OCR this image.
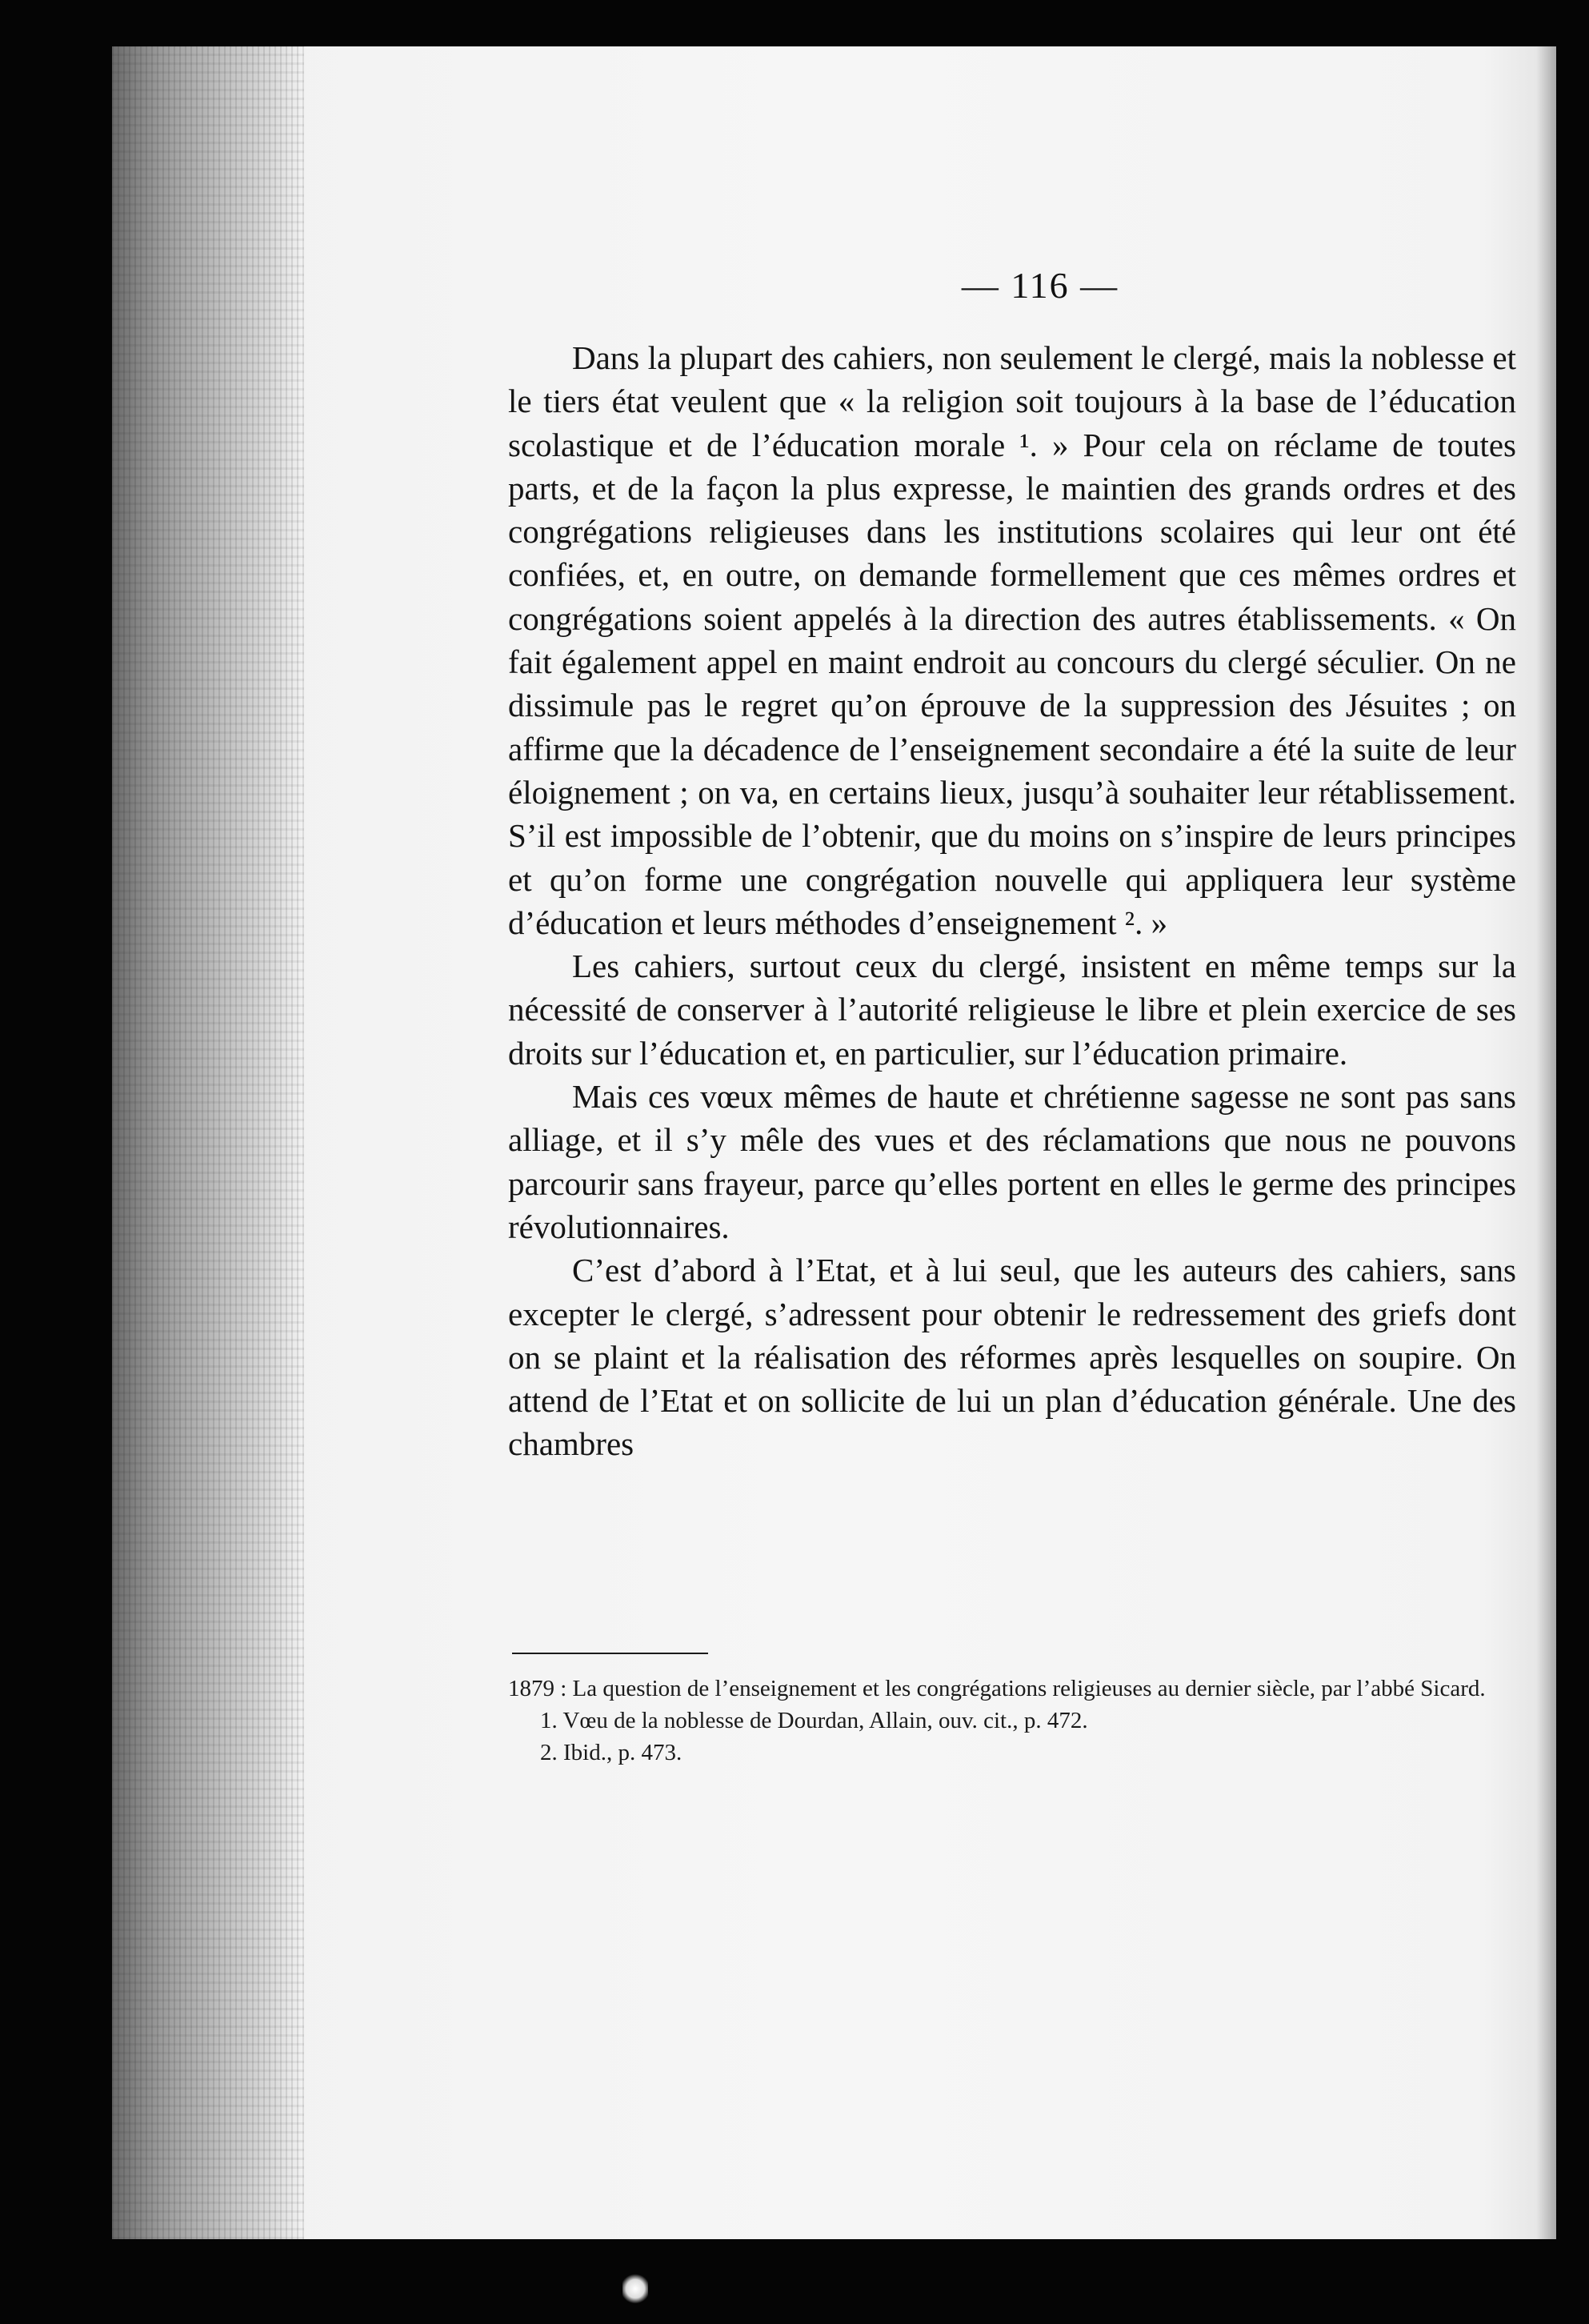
— 116 —

Dans la plupart des cahiers, non seulement le clergé, mais la noblesse et le tiers état veulent que « la religion soit toujours à la base de l’éducation scolastique et de l’éducation morale ¹. » Pour cela on réclame de toutes parts, et de la façon la plus expresse, le maintien des grands ordres et des congrégations religieuses dans les institutions scolaires qui leur ont été confiées, et, en outre, on demande formellement que ces mêmes ordres et congrégations soient appelés à la direction des autres établissements. « On fait également appel en maint endroit au concours du clergé séculier. On ne dissimule pas le regret qu’on éprouve de la suppression des Jésuites ; on affirme que la décadence de l’enseignement secondaire a été la suite de leur éloignement ; on va, en certains lieux, jusqu’à souhaiter leur rétablissement. S’il est impossible de l’obtenir, que du moins on s’inspire de leurs principes et qu’on forme une congrégation nouvelle qui appliquera leur système d’éducation et leurs méthodes d’enseignement ². »

Les cahiers, surtout ceux du clergé, insistent en même temps sur la nécessité de conserver à l’autorité religieuse le libre et plein exercice de ses droits sur l’éducation et, en particulier, sur l’éducation primaire.

Mais ces vœux mêmes de haute et chrétienne sagesse ne sont pas sans alliage, et il s’y mêle des vues et des réclamations que nous ne pouvons parcourir sans frayeur, parce qu’elles portent en elles le germe des principes révolutionnaires.

C’est d’abord à l’Etat, et à lui seul, que les auteurs des cahiers, sans excepter le clergé, s’adressent pour obtenir le redressement des griefs dont on se plaint et la réalisation des réformes après lesquelles on soupire. On attend de l’Etat et on sollicite de lui un plan d’éducation générale. Une des chambres

1879 : La question de l’enseignement et les congrégations religieuses au dernier siècle, par l’abbé Sicard.

1. Vœu de la noblesse de Dourdan, Allain, ouv. cit., p. 472.

2. Ibid., p. 473.
